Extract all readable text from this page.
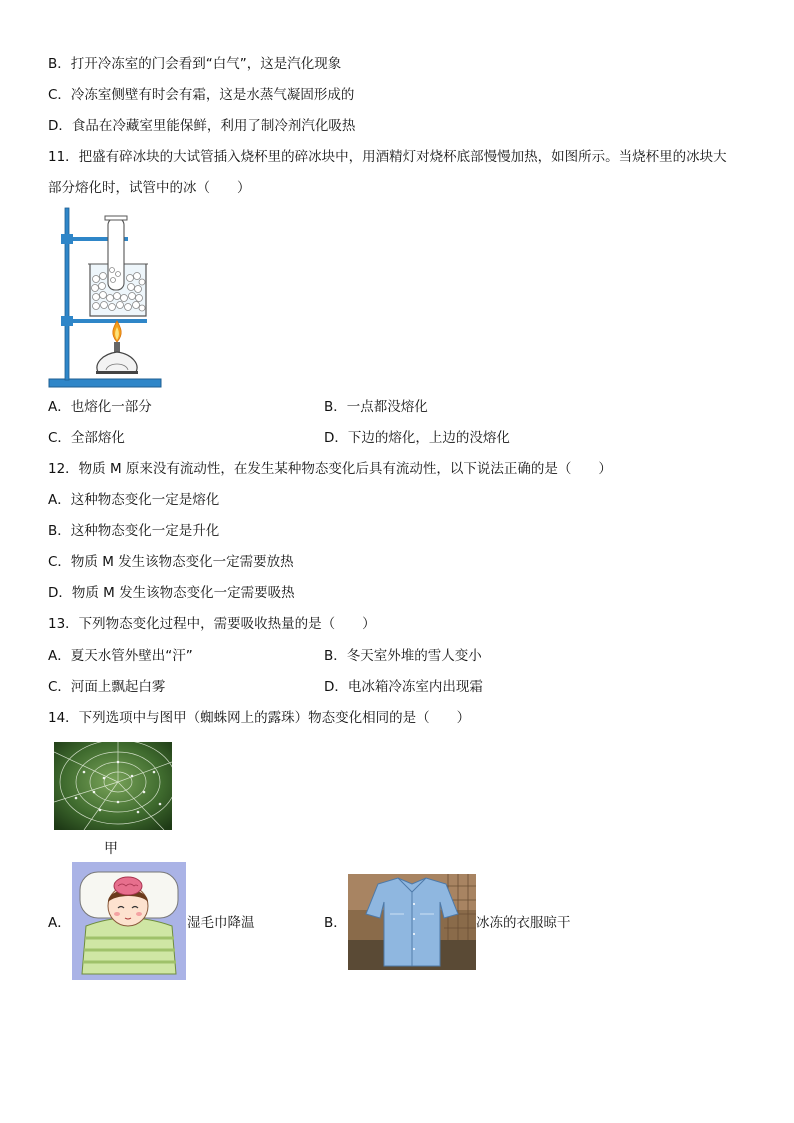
B．打开冷冻室的门会看到“白气”，这是汽化现象
C．冷冻室侧壁有时会有霜，这是水蒸气凝固形成的
D．食品在冷藏室里能保鲜，利用了制冷剂汽化吸热
11．把盛有碎冰块的大试管插入烧杯里的碎冰块中，用酒精灯对烧杯底部慢慢加热，如图所示。当烧杯里的冰块大
部分熔化时，试管中的冰（　　）
A．也熔化一部分	B．一点都没熔化
C．全部熔化	D．下边的熔化，上边的没熔化
12．物质 M 原来没有流动性，在发生某种物态变化后具有流动性，以下说法正确的是（　　）
A．这种物态变化一定是熔化
B．这种物态变化一定是升化
C．物质 M 发生该物态变化一定需要放热
D．物质 M 发生该物态变化一定需要吸热
13．下列物态变化过程中，需要吸收热量的是（　　）
A．夏天水管外壁出“汗”	B．冬天室外堆的雪人变小
C．河面上飘起白雾	D．电冰箱冷冻室内出现霜
14．下列选项中与图甲（蜘蛛网上的露珠）物态变化相同的是（　　）
甲
A．	湿毛巾降温	B．	冰冻的衣服晾干
